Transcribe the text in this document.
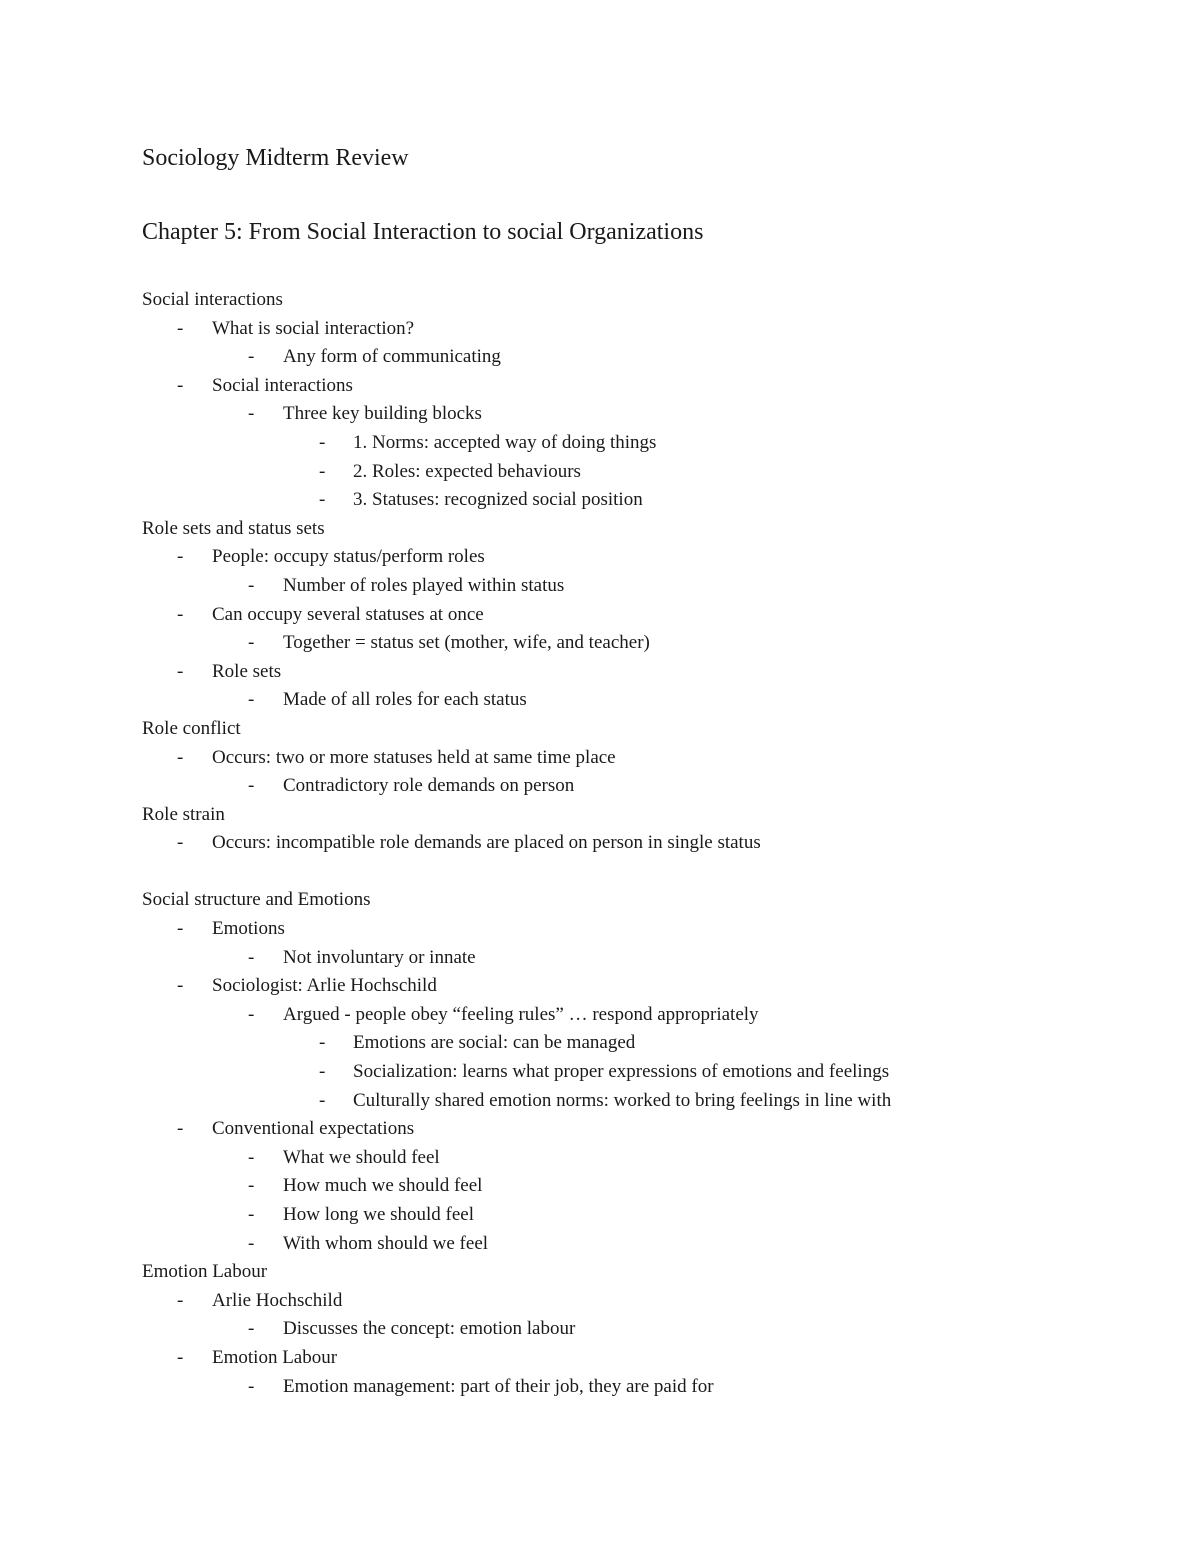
Sociology Midterm Review
Chapter 5: From Social Interaction to social Organizations
Social interactions
- What is social interaction?
- Any form of communicating
- Social interactions
- Three key building blocks
- 1. Norms: accepted way of doing things
- 2. Roles: expected behaviours
- 3. Statuses: recognized social position
Role sets and status sets
- People: occupy status/perform roles
- Number of roles played within status
- Can occupy several statuses at once
- Together = status set (mother, wife, and teacher)
- Role sets
- Made of all roles for each status
Role conflict
- Occurs: two or more statuses held at same time place
- Contradictory role demands on person
Role strain
- Occurs: incompatible role demands are placed on person in single status
Social structure and Emotions
- Emotions
- Not involuntary or innate
- Sociologist: Arlie Hochschild
- Argued - people obey “feeling rules” … respond appropriately
- Emotions are social: can be managed
- Socialization: learns what proper expressions of emotions and feelings
- Culturally shared emotion norms: worked to bring feelings in line with
- Conventional expectations
- What we should feel
- How much we should feel
- How long we should feel
- With whom should we feel
Emotion Labour
- Arlie Hochschild
- Discusses the concept: emotion labour
- Emotion Labour
- Emotion management: part of their job, they are paid for
